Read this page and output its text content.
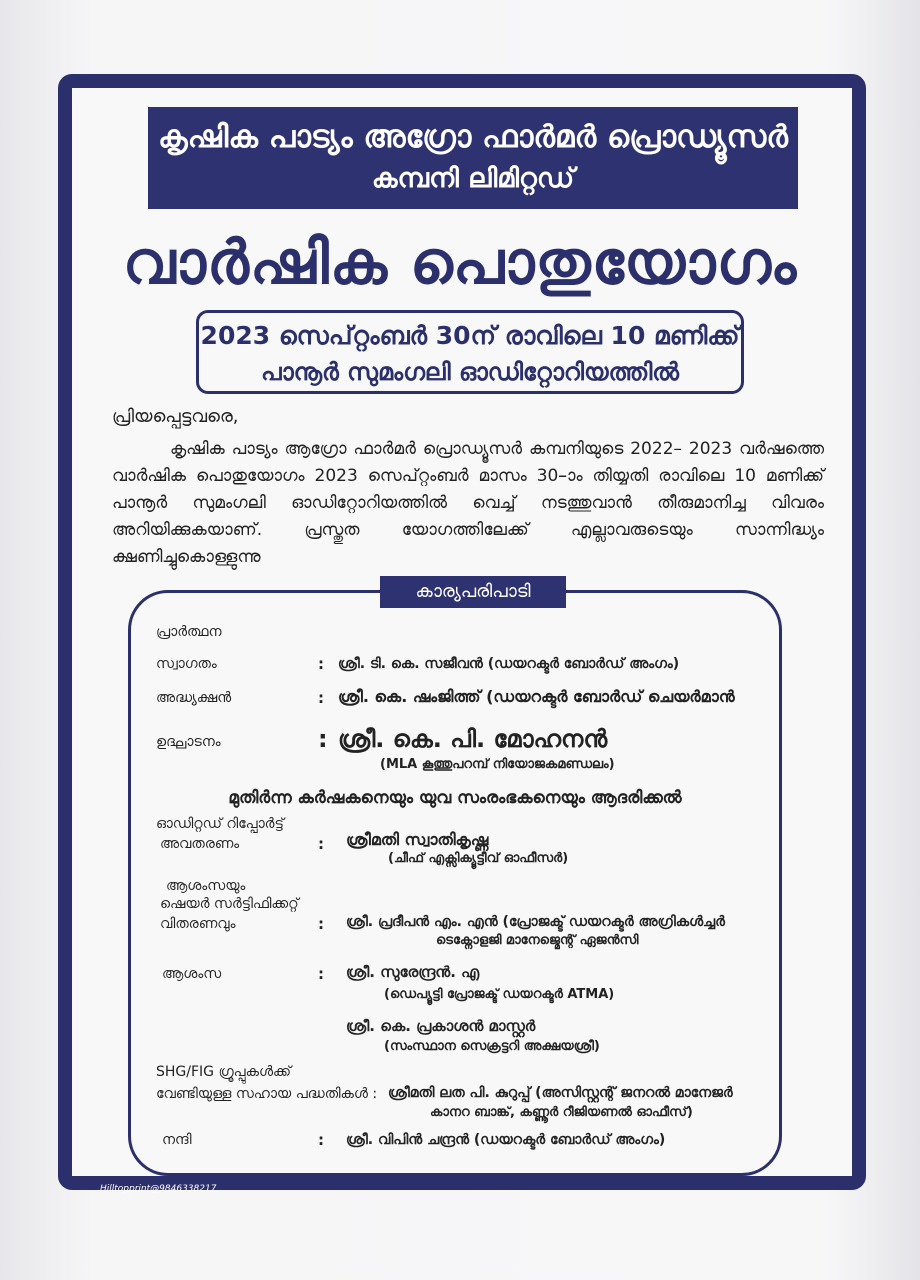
കൃഷിക പാട്യം അഗ്രോ ഫാർമർ പ്രൊഡ്യൂസർ
കമ്പനി ലിമിറ്റഡ്
വാർഷിക പൊതുയോഗം
2023 സെപ്റ്റംബർ 30ന് രാവിലെ 10 മണിക്ക്
പാനൂർ സുമംഗലി ഓഡിറ്റോറിയത്തിൽ
പ്രിയപ്പെട്ടവരെ,
കൃഷിക പാട്യം ആഗ്രോ ഫാർമർ പ്രൊഡ്യൂസർ കമ്പനിയുടെ 2022– 2023 വർഷത്തെ വാർഷിക പൊതുയോഗം 2023 സെപ്റ്റംബർ മാസം 30–ാം തിയ്യതി രാവിലെ 10 മണിക്ക് പാനൂർ സുമംഗലി ഓഡിറ്റോറിയത്തിൽ വെച്ച് നടത്തുവാൻ തീരുമാനിച്ച വിവരം അറിയിക്കുകയാണ്. പ്രസ്തുത യോഗത്തിലേക്ക് എല്ലാവരുടെയും സാന്നിദ്ധ്യം ക്ഷണിച്ചുകൊള്ളുന്നു
കാര്യപരിപാടി
പ്രാർത്ഥന
സ്വാഗതം	: ശ്രീ. ടി. കെ. സജീവൻ (ഡയറക്ടർ ബോർഡ് അംഗം)
അദ്ധ്യക്ഷൻ	: ശ്രീ. കെ. ഷംജിത്ത് (ഡയറക്ടർ ബോർഡ് ചെയർമാൻ
ഉദ്ഘാടനം	: ശ്രീ. കെ. പി. മോഹനൻ
(MLA കൂത്തുപറമ്പ് നിയോജകമണ്ഡലം)
മുതിർന്ന കർഷകനെയും യുവ സംരംഭകനെയും ആദരിക്കൽ
ഓഡിറ്റഡ് റിപ്പോർട്ട്
അവതരണം	: ശ്രീമതി സ്വാതികൃഷ്ണ
(ചീഫ് എക്സിക്യൂട്ടീവ് ഓഫീസർ)
ആശംസയും
ഷെയർ സർട്ടിഫിക്കറ്റ്
വിതരണവും	: ശ്രീ. പ്രദീപൻ എം. എൻ (പ്രോജക്ട് ഡയറക്ടർ അഗ്രികൾച്ചർ
ടെക്നോളജി മാനേജ്മെന്റ് ഏജൻസി
ആശംസ	: ശ്രീ. സുരേന്ദ്രൻ. എ
(ഡെപ്യൂട്ടി പ്രോജക്ട് ഡയറക്ടർ ATMA)
ശ്രീ. കെ. പ്രകാശൻ മാസ്റ്റർ
(സംസ്ഥാന സെക്രട്ടറി അക്ഷയശ്രീ)
SHG/FIG ഗ്രൂപ്പുകൾക്ക്
വേണ്ടിയുള്ള സഹായ പദ്ധതികൾ : ശ്രീമതി ലത പി. കുറുപ്പ് (അസിസ്റ്റന്റ് ജനറൽ മാനേജർ
കാനറ ബാങ്ക്, കണ്ണൂർ റീജിയണൽ ഓഫീസ്)
നന്ദി	: ശ്രീ. വിപിൻ ചന്ദ്രൻ (ഡയറക്ടർ ബോർഡ് അംഗം)
Hilltopprint@9846338217
